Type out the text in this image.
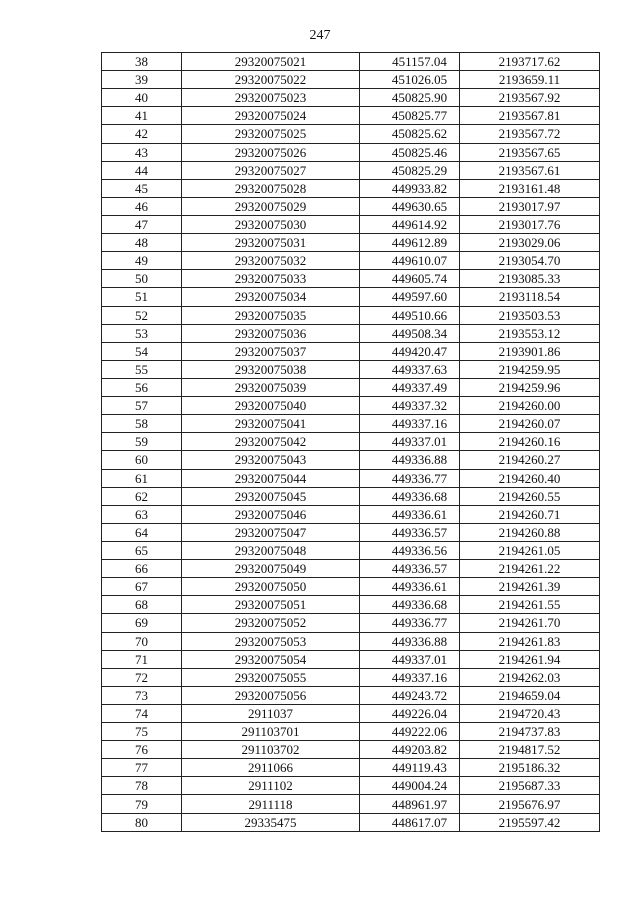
247
38	29320075021	451157.04	2193717.62
39	29320075022	451026.05	2193659.11
40	29320075023	450825.90	2193567.92
41	29320075024	450825.77	2193567.81
42	29320075025	450825.62	2193567.72
43	29320075026	450825.46	2193567.65
44	29320075027	450825.29	2193567.61
45	29320075028	449933.82	2193161.48
46	29320075029	449630.65	2193017.97
47	29320075030	449614.92	2193017.76
48	29320075031	449612.89	2193029.06
49	29320075032	449610.07	2193054.70
50	29320075033	449605.74	2193085.33
51	29320075034	449597.60	2193118.54
52	29320075035	449510.66	2193503.53
53	29320075036	449508.34	2193553.12
54	29320075037	449420.47	2193901.86
55	29320075038	449337.63	2194259.95
56	29320075039	449337.49	2194259.96
57	29320075040	449337.32	2194260.00
58	29320075041	449337.16	2194260.07
59	29320075042	449337.01	2194260.16
60	29320075043	449336.88	2194260.27
61	29320075044	449336.77	2194260.40
62	29320075045	449336.68	2194260.55
63	29320075046	449336.61	2194260.71
64	29320075047	449336.57	2194260.88
65	29320075048	449336.56	2194261.05
66	29320075049	449336.57	2194261.22
67	29320075050	449336.61	2194261.39
68	29320075051	449336.68	2194261.55
69	29320075052	449336.77	2194261.70
70	29320075053	449336.88	2194261.83
71	29320075054	449337.01	2194261.94
72	29320075055	449337.16	2194262.03
73	29320075056	449243.72	2194659.04
74	2911037	449226.04	2194720.43
75	291103701	449222.06	2194737.83
76	291103702	449203.82	2194817.52
77	2911066	449119.43	2195186.32
78	2911102	449004.24	2195687.33
79	2911118	448961.97	2195676.97
80	29335475	448617.07	2195597.42
